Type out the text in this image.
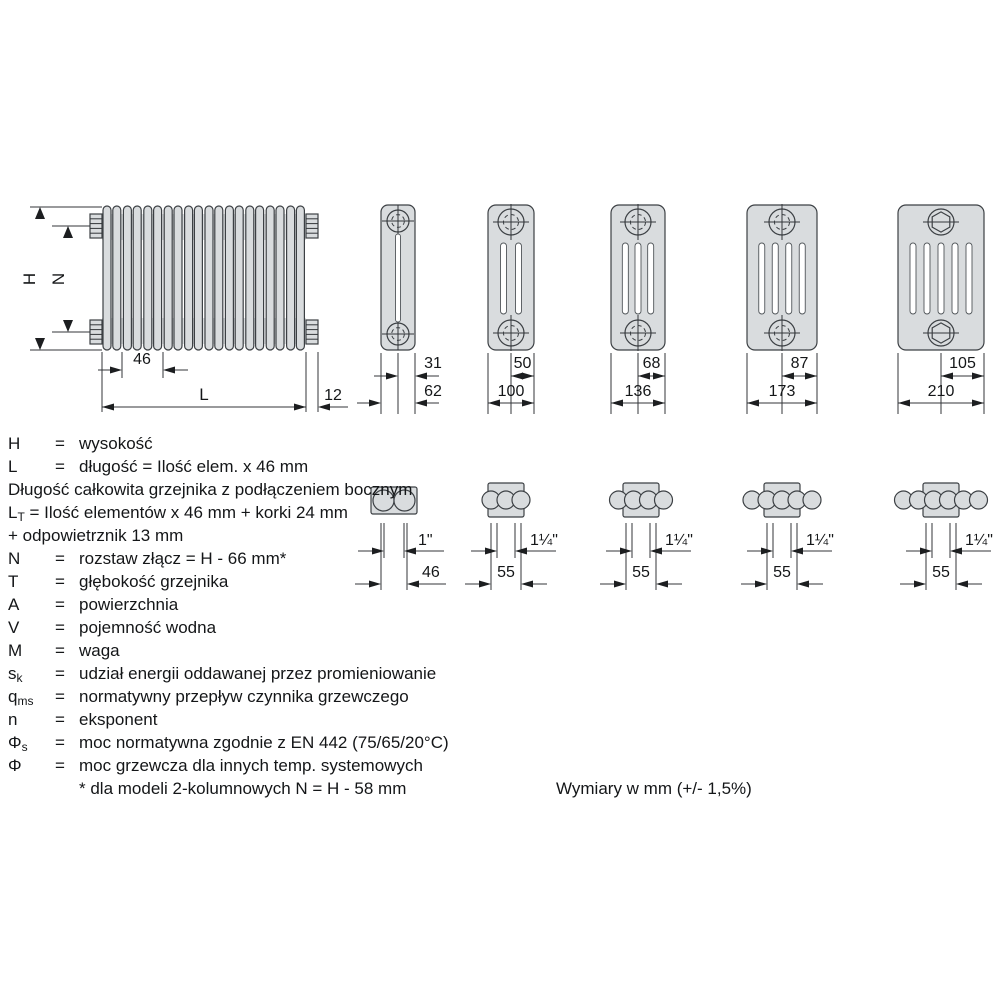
H N
46
L	12
31
62
50
100
68
136
87
173
105
210
1"
46
1¼"
55
1¼"
55
1¼"
55
1¼"
55
H = wysokość
L = długość = Ilość elem. x 46 mm
Długość całkowita grzejnika z podłączeniem bocznym
$L_T$ = Ilość elementów x 46 mm + korki 24 mm
+ odpowietrznik 13 mm
N = rozstaw złącz = H - 66 mm*
T = głębokość grzejnika
A = powierzchnia
V = pojemność wodna
M = waga
$s_k$ = udział energii oddawanej przez promieniowanie
$q_{ms}$ = normatywny przepływ czynnika grzewczego
n = eksponent
$\Phi_s$ = moc normatywna zgodnie z EN 442 (75/65/20°C)
Φ = moc grzewcza dla innych temp. systemowych
* dla modeli 2-kolumnowych N = H - 58 mm	Wymiary w mm (+/- 1,5%)
